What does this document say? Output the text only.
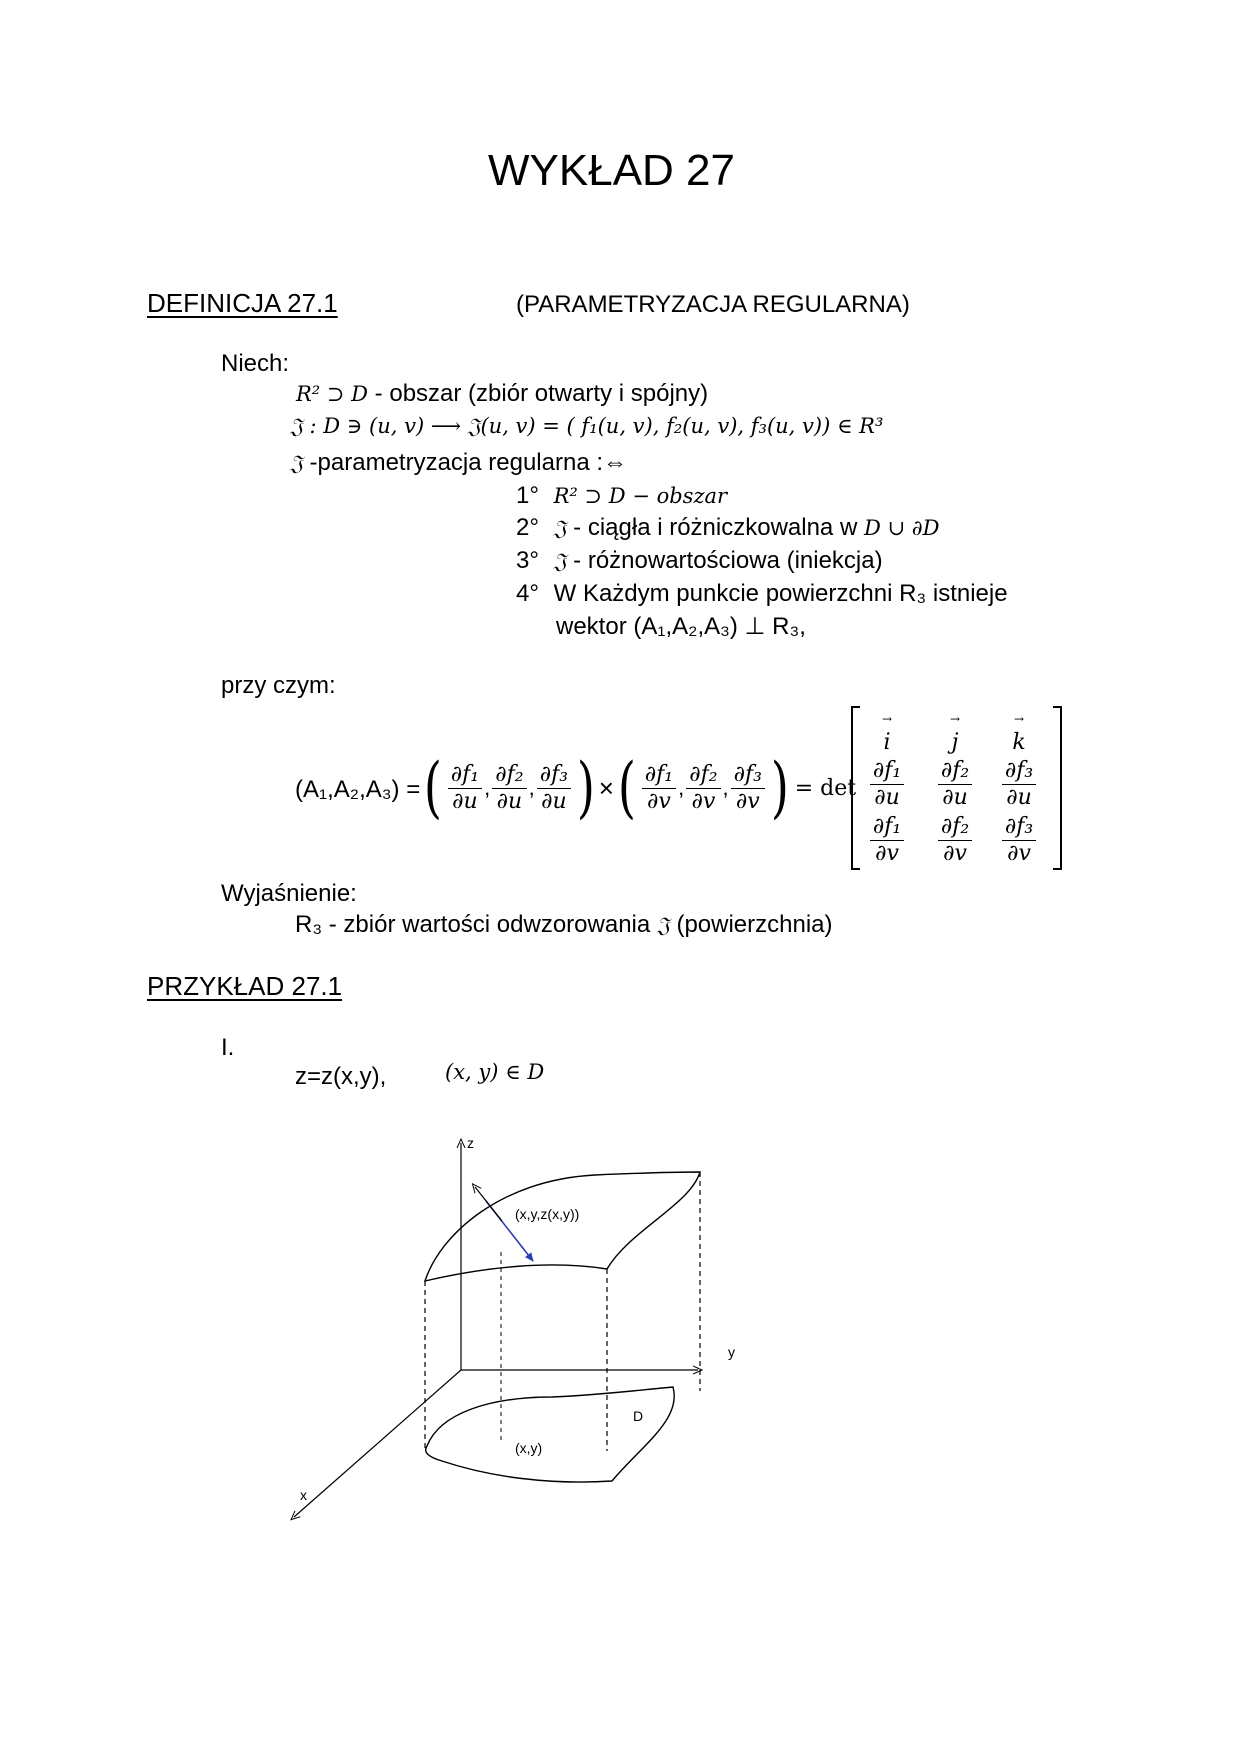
WYKŁAD 27
DEFINICJA 27.1	(PARAMETRYZACJA REGULARNA)
Niech:
R² ⊃ D - obszar (zbiór otwarty i spójny)
𝔍 : D ∋ (u, v) ⟶ 𝔍(u, v) = ( f₁(u, v), f₂(u, v), f₃(u, v)) ∈ R³
𝔍 -parametryzacja regularna :⇔
1° R² ⊃ D − obszar
2° 𝔍 - ciągła i różniczkowalna w D ∪ ∂D
3° 𝔍 - różnowartościowa (iniekcja)
4° W Każdym punkcie powierzchni R₃ istnieje
wektor (A₁,A₂,A₃) ⊥ R₃,
przy czym:
(A₁,A₂,A₃) = ( $\frac{\text{∂f₁}}{\partial u}$ , $\frac{\text{∂f₂}}{\partial u}$ , $\frac{\text{∂f₃}}{\partial u}$ ) × ( $\frac{\text{∂f₁}}{\partial v}$ , $\frac{\text{∂f₂}}{\partial v}$ , $\frac{\text{∂f₃}}{\partial v}$ ) = det
→
i
→
j
→
k
$\frac{\text{∂f₁}}{\partial u} \frac{\text{∂f₂}}{\partial u} \frac{\text{∂f₃}}{\partial u}$
$\frac{\text{∂f₁}}{\partial v} \frac{\text{∂f₂}}{\partial v} \frac{\text{∂f₃}}{\partial v}$
Wyjaśnienie:
R₃ - zbiór wartości odwzorowania 𝔍 (powierzchnia)
PRZYKŁAD 27.1
I.
z=z(x,y),	(x, y) ∈ D
z
y
x
(x,y,z(x,y))
D
(x,y)
